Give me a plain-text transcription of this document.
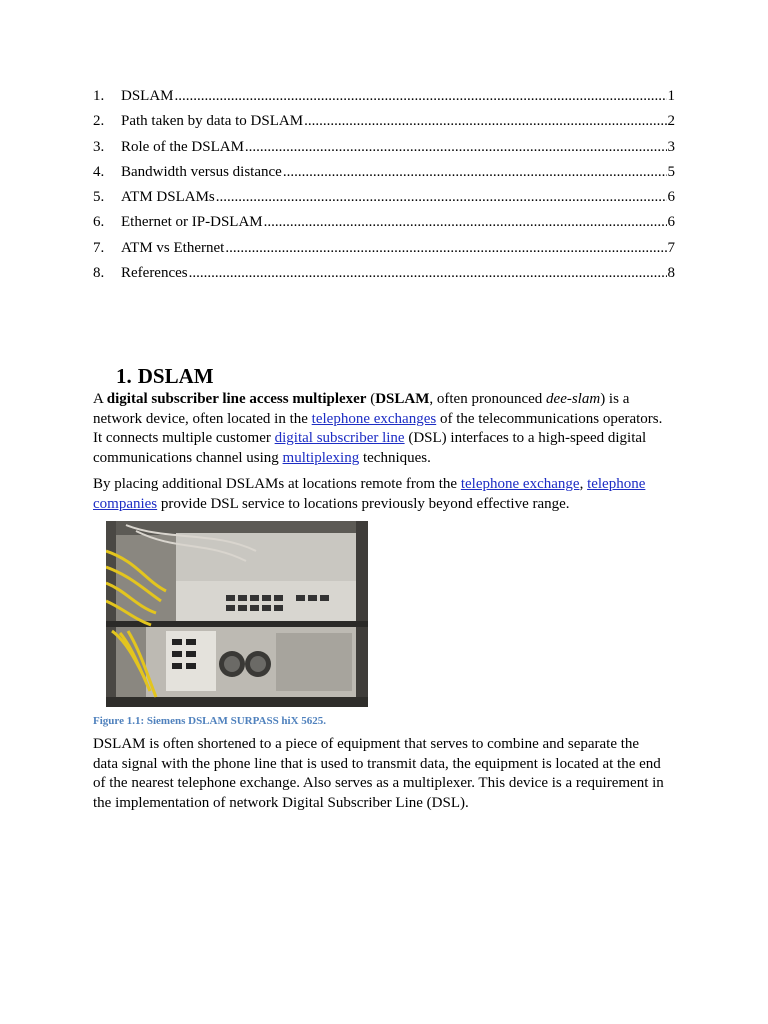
1.	DSLAM .....	1
2.	Path taken by data to DSLAM .....	2
3.	Role of the DSLAM .....	3
4.	Bandwidth versus distance .....	5
5.	ATM DSLAMs .....	6
6.	Ethernet or IP-DSLAM .....	6
7.	ATM vs Ethernet .....	7
8.	References .....	8
1. DSLAM

A digital subscriber line access multiplexer (DSLAM, often pronounced dee-slam) is a network device, often located in the telephone exchanges of the telecommunications operators. It connects multiple customer digital subscriber line (DSL) interfaces to a high-speed digital communications channel using multiplexing techniques.

By placing additional DSLAMs at locations remote from the telephone exchange, telephone companies provide DSL service to locations previously beyond effective range.

Figure 1.1: Siemens DSLAM SURPASS hiX 5625.

DSLAM is often shortened to a piece of equipment that serves to combine and separate the data signal with the phone line that is used to transmit data, the equipment is located at the end of the nearest telephone exchange. Also serves as a multiplexer. This device is a requirement in the implementation of network Digital Subscriber Line (DSL).
